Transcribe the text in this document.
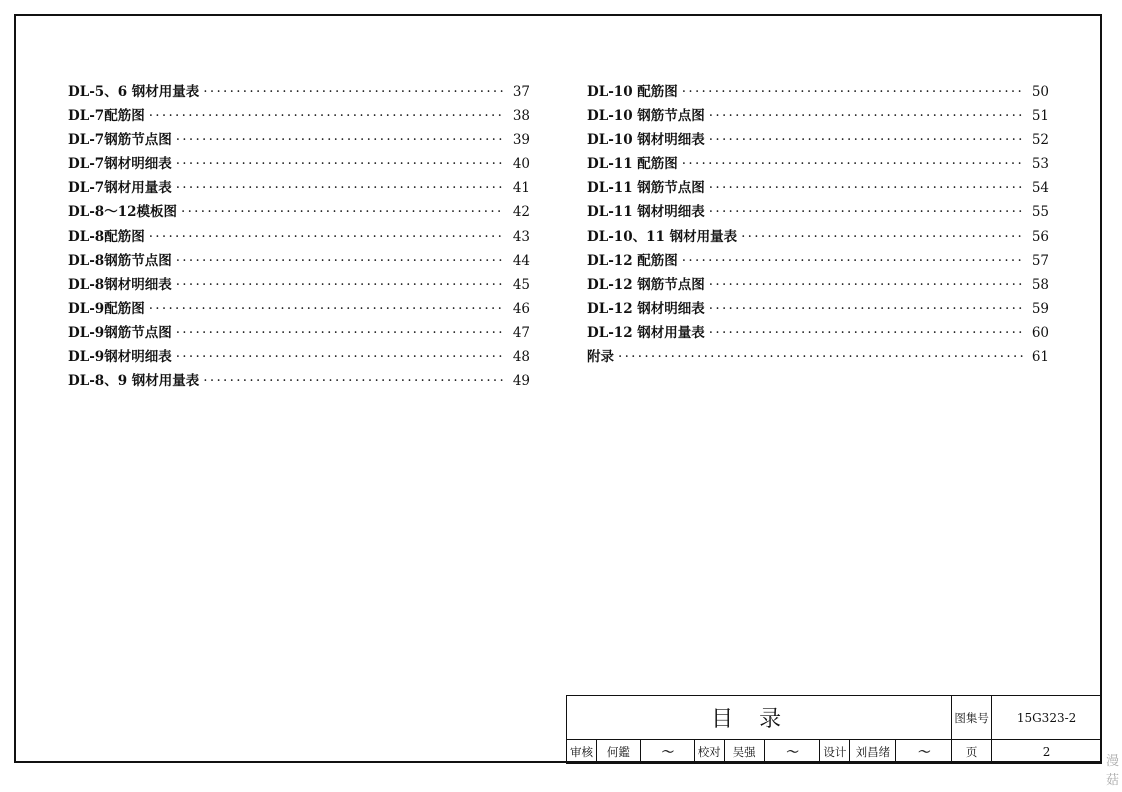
DL-5、6 钢材用量表 · · ·	37
DL-7配筋图 · · ·	38
DL-7钢筋节点图 · · ·	39
DL-7钢材明细表 · · ·	40
DL-7钢材用量表 · · ·	41
DL-8～12模板图 · · ·	42
DL-8配筋图 · · ·	43
DL-8钢筋节点图 · · ·	44
DL-8钢材明细表 · · ·	45
DL-9配筋图 · · ·	46
DL-9钢筋节点图 · · ·	47
DL-9钢材明细表 · · ·	48
DL-8、9 钢材用量表 · · ·	49
DL-10 配筋图 · · ·	50
DL-10 钢筋节点图 · · ·	51
DL-10 钢材明细表 · · ·	52
DL-11 配筋图 · · ·	53
DL-11 钢筋节点图 · · ·	54
DL-11 钢材明细表 · · ·	55
DL-10、11 钢材用量表 · · ·	56
DL-12 配筋图 · · ·	57
DL-12 钢筋节点图 · · ·	58
DL-12 钢材明细表 · · ·	59
DL-12 钢材用量表 · · ·	60
附录 · · ·	61
目录									图集号	15G323-2
审核	何鑑	〜	校对	吴强	〜	设计	刘昌绪	〜	页	2
漫菇
